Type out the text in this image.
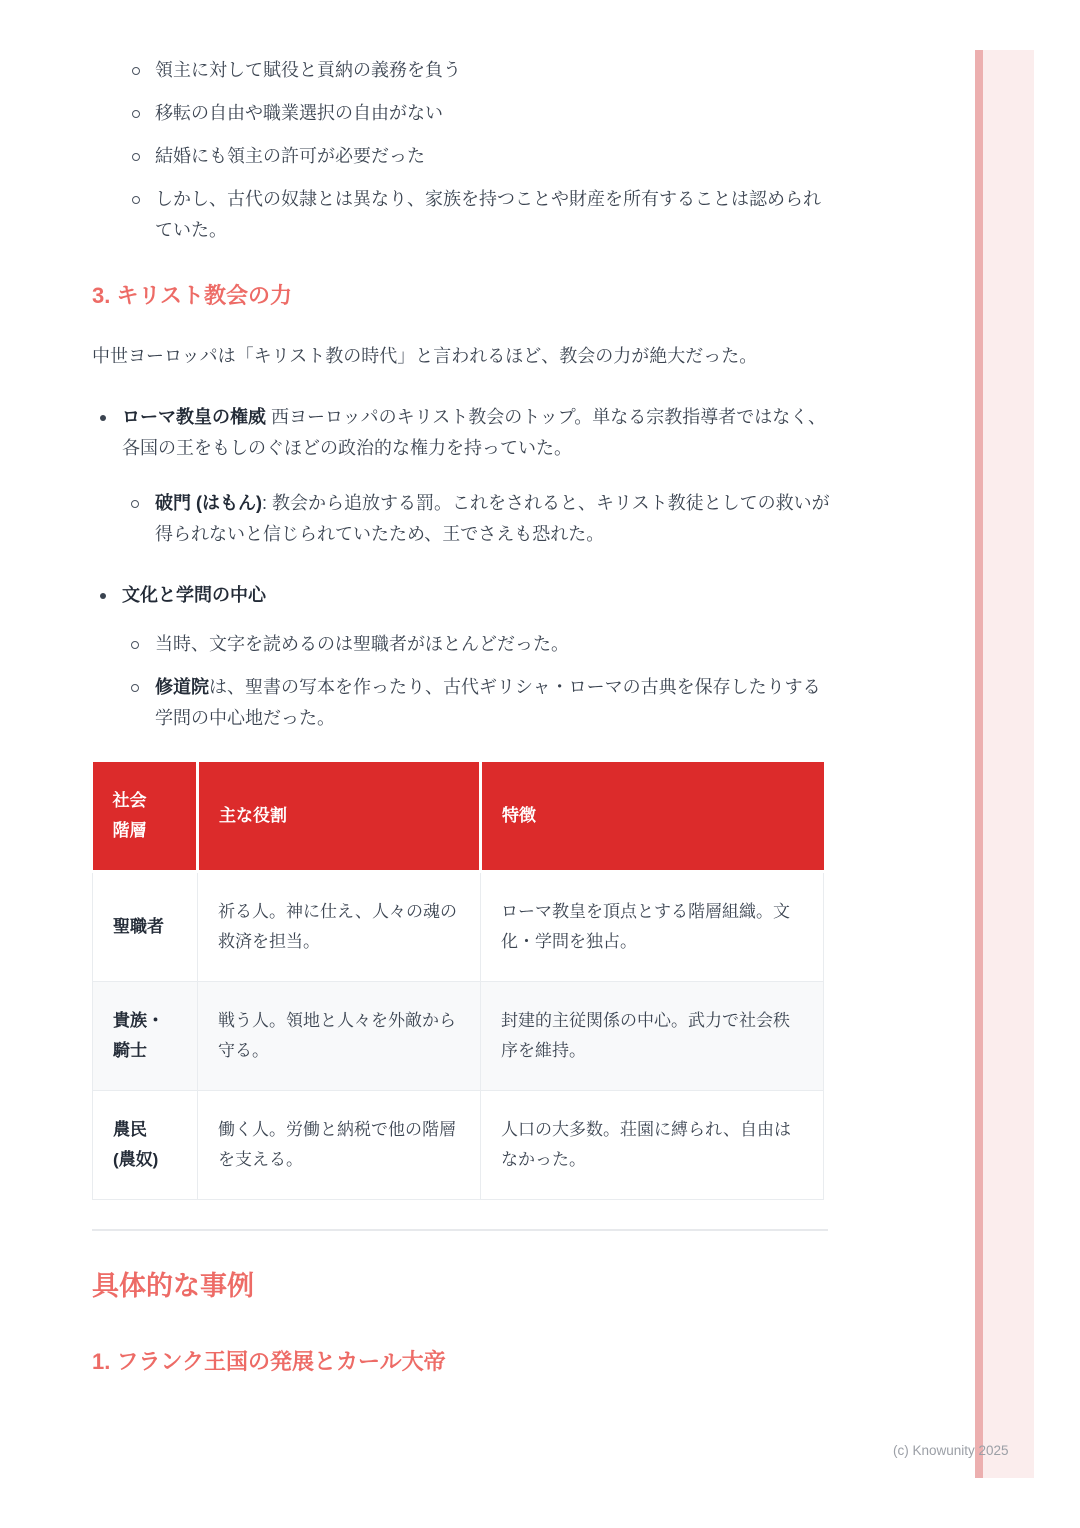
(c) Knowunity 2025
領主に対して賦役と貢納の義務を負う
移転の自由や職業選択の自由がない
結婚にも領主の許可が必要だった
しかし、古代の奴隷とは異なり、家族を持つことや財産を所有することは認められていた。
3. キリスト教会の力

中世ヨーロッパは「キリスト教の時代」と言われるほど、教会の力が絶大だった。

ローマ教皇の権威 西ヨーロッパのキリスト教会のトップ。単なる宗教指導者ではなく、各国の王をもしのぐほどの政治的な権力を持っていた。
破門 (はもん): 教会から追放する罰。これをされると、キリスト教徒としての救いが得られないと信じられていたため、王でさえも恐れた。
文化と学問の中心
当時、文字を読めるのは聖職者がほとんどだった。
修道院は、聖書の写本を作ったり、古代ギリシャ・ローマの古典を保存したりする学問の中心地だった。
社会階層	主な役割	特徴
聖職者	祈る人。神に仕え、人々の魂の救済を担当。	ローマ教皇を頂点とする階層組織。文化・学問を独占。
貴族・騎士	戦う人。領地と人々を外敵から守る。	封建的主従関係の中心。武力で社会秩序を維持。
農民 (農奴)	働く人。労働と納税で他の階層を支える。	人口の大多数。荘園に縛られ、自由はなかった。
具体的な事例
1. フランク王国の発展とカール大帝
